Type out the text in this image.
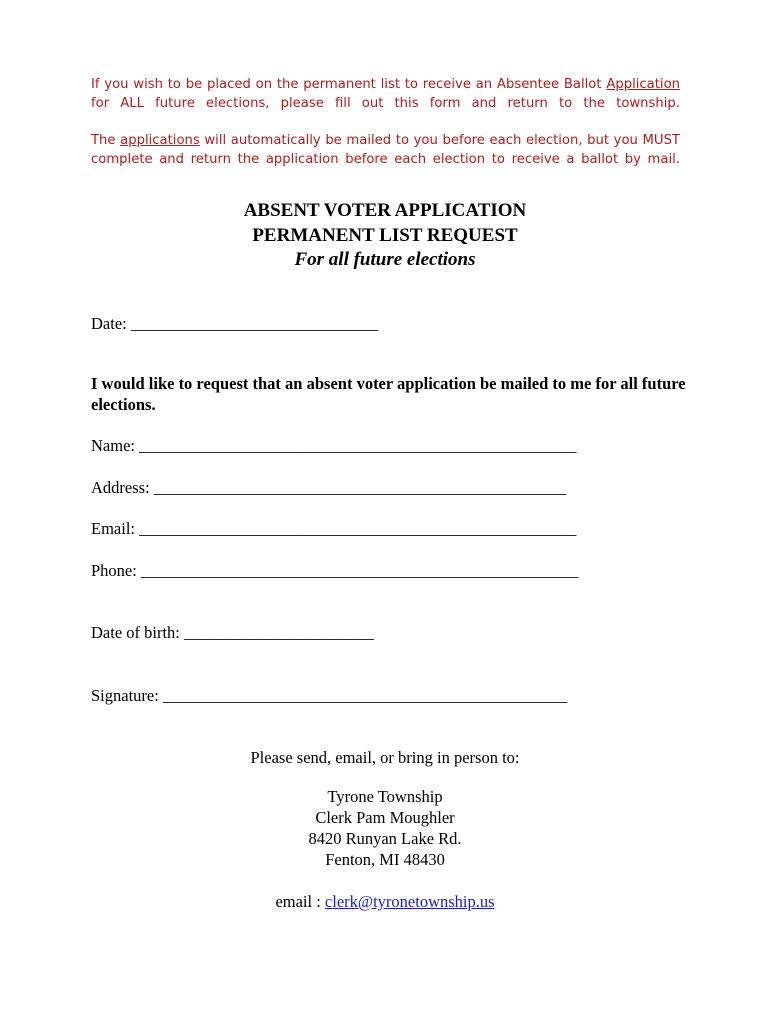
If you wish to be placed on the permanent list to receive an Absentee Ballot Application
for ALL future elections, please fill out this form and return to the township.
The applications will automatically be mailed to you before each election, but you MUST
complete and return the application before each election to receive a ballot by mail.
ABSENT VOTER APPLICATION
PERMANENT LIST REQUEST
For all future elections
Date: ______________________________
I would like to request that an absent voter application be mailed to me for all future elections.
Name: _____________________________________________________
Address: __________________________________________________
Email: _____________________________________________________
Phone: _____________________________________________________
Date of birth: _______________________
Signature: _________________________________________________
Please send, email, or bring in person to:
Tyrone Township
Clerk Pam Moughler
8420 Runyan Lake Rd.
Fenton, MI 48430
email : clerk@tyronetownship.us
